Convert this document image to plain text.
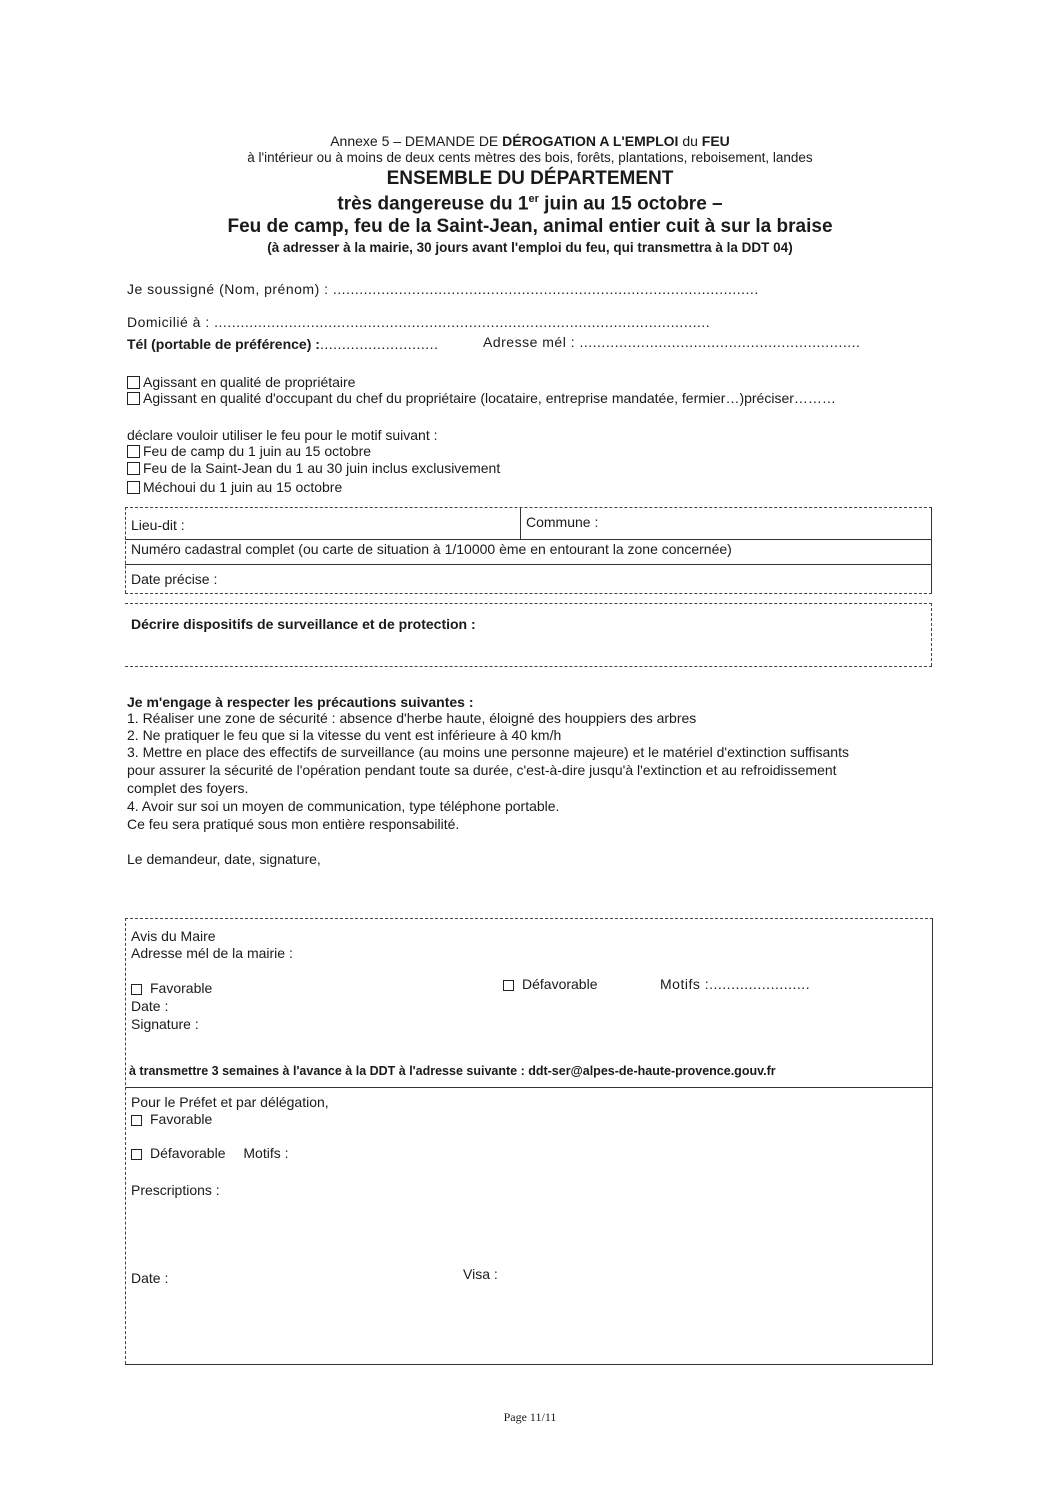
Annexe 5 – DEMANDE DE DÉROGATION A L'EMPLOI du FEU
à l'intérieur ou à moins de deux cents mètres des bois, forêts, plantations, reboisement, landes
ENSEMBLE DU DÉPARTEMENT
très dangereuse du 1er juin au 15 octobre –
Feu de camp, feu de la Saint-Jean, animal entier cuit à sur la braise
(à adresser à la mairie, 30 jours avant l'emploi du feu, qui transmettra à la DDT 04)
Je soussigné (Nom, prénom) : .................................................................................................
Domicilié à : .................................................................................................................
Tél (portable de préférence) :...........................	Adresse mél : ................................................................
Agissant en qualité de propriétaire
Agissant en qualité d'occupant du chef du propriétaire (locataire, entreprise mandatée, fermier…)préciser………
déclare vouloir utiliser le feu pour le motif suivant :
Feu de camp du 1 juin au 15 octobre
Feu de la Saint-Jean du 1 au 30 juin inclus exclusivement
Méchoui du 1 juin au 15 octobre
Lieu-dit :	Commune :
Numéro cadastral complet (ou carte de situation à 1/10000 ème en entourant la zone concernée)
Date précise :
Décrire dispositifs de surveillance et de protection :
Je m'engage à respecter les précautions suivantes :
1. Réaliser une zone de sécurité : absence d'herbe haute, éloigné des houppiers des arbres
2. Ne pratiquer le feu que si la vitesse du vent est inférieure à 40 km/h
3. Mettre en place des effectifs de surveillance (au moins une personne majeure) et le matériel d'extinction suffisants
pour assurer la sécurité de l'opération pendant toute sa durée, c'est-à-dire jusqu'à l'extinction et au refroidissement
complet des foyers.
4. Avoir sur soi un moyen de communication, type téléphone portable.
Ce feu sera pratiqué sous mon entière responsabilité.
Le demandeur, date, signature,
Avis du Maire
Adresse mél de la mairie :
Favorable	Défavorable	Motifs :.......................
Date :
Signature :
à transmettre 3 semaines à l'avance à la DDT à l'adresse suivante : ddt-ser@alpes-de-haute-provence.gouv.fr
Pour le Préfet et par délégation,
Favorable
Défavorable Motifs :
Prescriptions :
Date :	Visa :
Page 11/11
